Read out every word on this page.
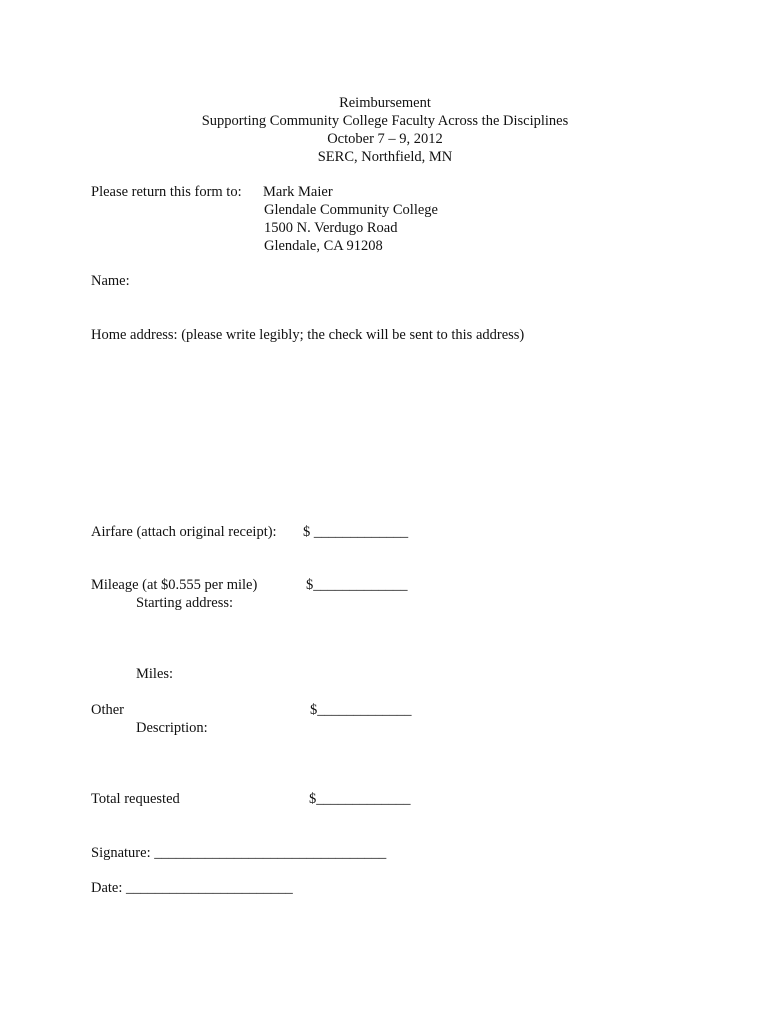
Reimbursement
Supporting Community College Faculty Across the Disciplines
October 7 – 9, 2012
SERC, Northfield, MN
Please return this form to: Mark Maier
Glendale Community College
1500 N. Verdugo Road
Glendale, CA 91208
Name:
Home address: (please write legibly; the check will be sent to this address)
Airfare (attach original receipt): $ _____________
Mileage (at $0.555 per mile)	$_____________
Starting address:
Miles:
Other	$_____________
Description:
Total requested	$_____________
Signature: ________________________________
Date: _______________________
